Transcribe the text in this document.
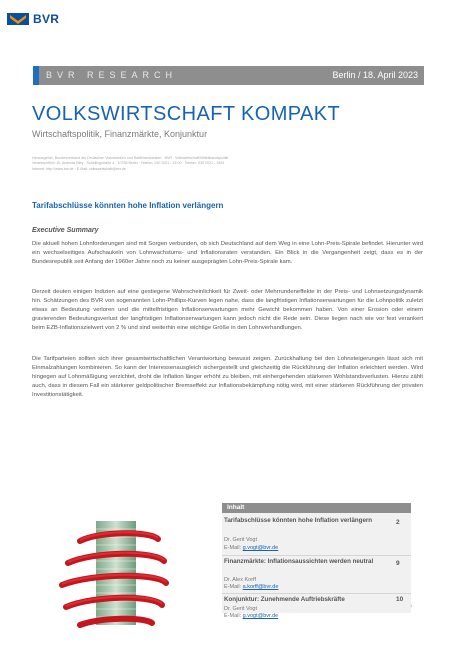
BVR
BVR RESEARCH	Berlin / 18. April 2023
VOLKSWIRTSCHAFT KOMPAKT
Wirtschaftspolitik, Finanzmärkte, Konjunktur
Herausgeber: Bundesverband der Deutschen Volksbanken und Raiffeisenbanken · BVR · Volkswirtschaft/Mittelstandspolitik
Verantwortlich: Dr. Andreas Bley · Schellingstraße 4 · 10785 Berlin · Telefon: 030 2021 - 15 00 · Telefax: 030 2021 - 1904
Internet: http://www.bvr.de · E-Mail: volkswirtschaft@bvr.de
Tarifabschlüsse könnten hohe Inflation verlängern
Executive Summary
Die aktuell hohen Lohnforderungen sind mit Sorgen verbunden, ob sich Deutschland auf dem Weg in eine Lohn-Preis-Spirale befindet. Hierunter wird ein wechselseitiges Aufschaukeln von Lohnwachstums- und Inflationsraten verstanden. Ein Blick in die Vergangenheit zeigt, dass es in der Bundesrepublik seit Anfang der 1960er Jahre noch zu keiner ausgeprägten Lohn-Preis-Spirale kam.
Derzeit deuten einigen Indizien auf eine gestiegene Wahrscheinlichkeit für Zweit- oder Mehrrundeneffekte in der Preis- und Lohnsetzungsdynamik hin. Schätzungen des BVR von sogenannten Lohn-Phillips-Kurven legen nahe, dass die langfristigen Inflationserwartungen für die Lohnpolitik zuletzt etwas an Bedeutung verloren und die mittelfristigen Inflationserwartungen mehr Gewicht bekommen haben. Von einer Erosion oder einem gravierenden Bedeutungsverlust der langfristigen Inflationserwartungen kann jedoch nicht die Rede sein. Diese liegen nach wie vor fest verankert beim EZB-Inflationszielwert von 2 % und sind weiterhin eine wichtige Größe in den Lohnverhandlungen.
Die Tarifparteien sollten sich ihrer gesamtwirtschaftlichen Verantwortung bewusst zeigen. Zurückhaltung bei den Lohnsteigerungen lässt sich mit Einmalzahlungen kombinieren. So kann der Interessenausgleich sichergestellt und gleichzeitig die Rückführung der Inflation erleichtert werden. Wird hingegen auf Lohnmäßigung verzichtet, droht die Inflation länger erhöht zu bleiben, mit einhergehenden stärkeren Wohlstandsverlusten. Hierzu zählt auch, dass in diesem Fall ein stärkerer geldpolitischer Bremseffekt zur Inflationsbekämpfung nötig wird, mit einer stärkeren Rückführung der privaten Investitionstätigkeit.
Inhalt
Tarifabschlüsse könnten hohe Inflation verlängern	2
Dr. Gerit Vogt
E-Mail: g.vogt@bvr.de
Finanzmärkte: Inflationsaussichten werden neutral	9
Dr. Alex Korff
E-Mail: a.korff@bvr.de
Konjunktur: Zunehmende Auftriebskräfte	10
Dr. Gerit Vogt
E-Mail: g.vogt@bvr.de
1
